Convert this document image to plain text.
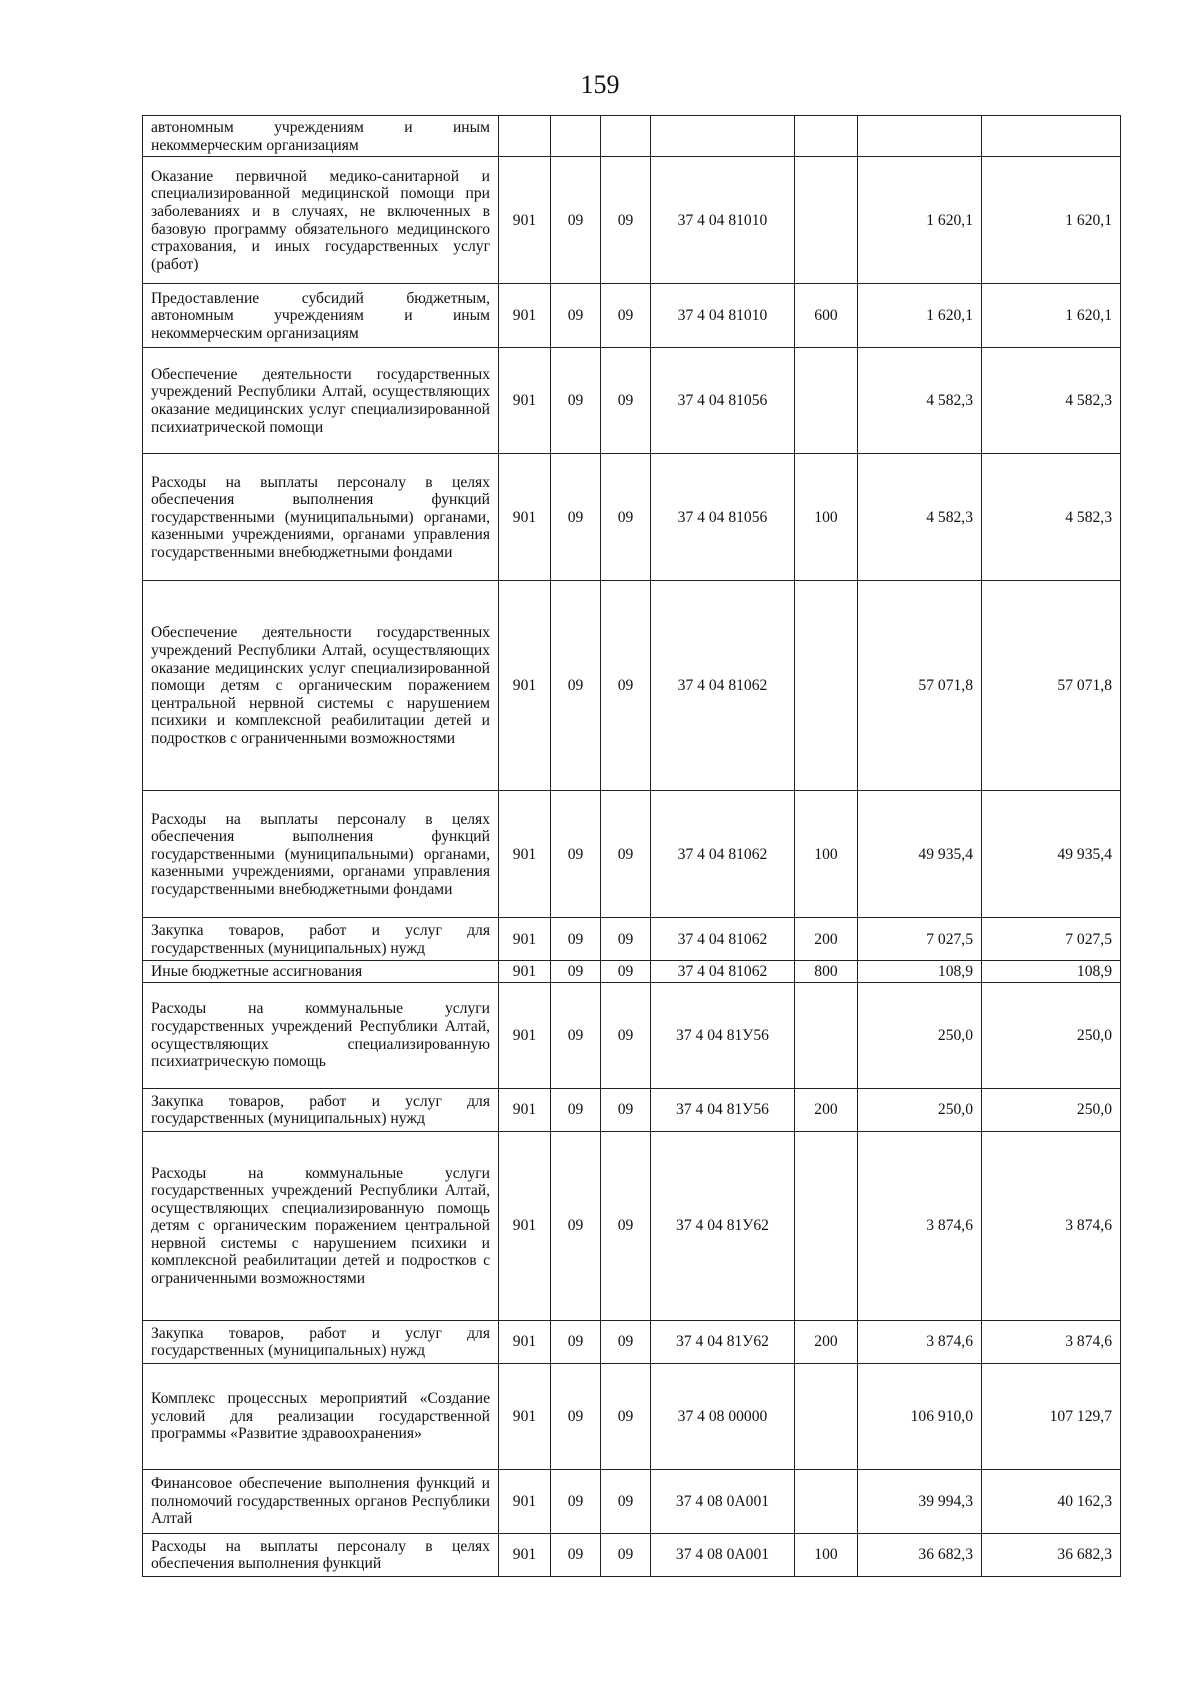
159
автономным учреждениям и иным некоммерческим организациям							
Оказание первичной медико-санитарной и специализированной медицинской помощи при заболеваниях и в случаях, не включенных в базовую программу обязательного медицинского страхования, и иных государственных услуг (работ)	901	09	09	37 4 04 81010		1 620,1	1 620,1
Предоставление субсидий бюджетным, автономным учреждениям и иным некоммерческим организациям	901	09	09	37 4 04 81010	600	1 620,1	1 620,1
Обеспечение деятельности государственных учреждений Республики Алтай, осуществляющих оказание медицинских услуг специализированной психиатрической помощи	901	09	09	37 4 04 81056		4 582,3	4 582,3
Расходы на выплаты персоналу в целях обеспечения выполнения функций государственными (муниципальными) органами, казенными учреждениями, органами управления государственными внебюджетными фондами	901	09	09	37 4 04 81056	100	4 582,3	4 582,3
Обеспечение деятельности государственных учреждений Республики Алтай, осуществляющих оказание медицинских услуг специализированной помощи детям с органическим поражением центральной нервной системы с нарушением психики и комплексной реабилитации детей и подростков с ограниченными возможностями	901	09	09	37 4 04 81062		57 071,8	57 071,8
Расходы на выплаты персоналу в целях обеспечения выполнения функций государственными (муниципальными) органами, казенными учреждениями, органами управления государственными внебюджетными фондами	901	09	09	37 4 04 81062	100	49 935,4	49 935,4
Закупка товаров, работ и услуг для государственных (муниципальных) нужд	901	09	09	37 4 04 81062	200	7 027,5	7 027,5
Иные бюджетные ассигнования	901	09	09	37 4 04 81062	800	108,9	108,9
Расходы на коммунальные услуги государственных учреждений Республики Алтай, осуществляющих специализированную психиатрическую помощь	901	09	09	37 4 04 81У56		250,0	250,0
Закупка товаров, работ и услуг для государственных (муниципальных) нужд	901	09	09	37 4 04 81У56	200	250,0	250,0
Расходы на коммунальные услуги государственных учреждений Республики Алтай, осуществляющих специализированную помощь детям с органическим поражением центральной нервной системы с нарушением психики и комплексной реабилитации детей и подростков с ограниченными возможностями	901	09	09	37 4 04 81У62		3 874,6	3 874,6
Закупка товаров, работ и услуг для государственных (муниципальных) нужд	901	09	09	37 4 04 81У62	200	3 874,6	3 874,6
Комплекс процессных мероприятий «Создание условий для реализации государственной программы «Развитие здравоохранения»	901	09	09	37 4 08 00000		106 910,0	107 129,7
Финансовое обеспечение выполнения функций и полномочий государственных органов Республики Алтай	901	09	09	37 4 08 0А001		39 994,3	40 162,3
Расходы на выплаты персоналу в целях обеспечения выполнения функций	901	09	09	37 4 08 0А001	100	36 682,3	36 682,3
